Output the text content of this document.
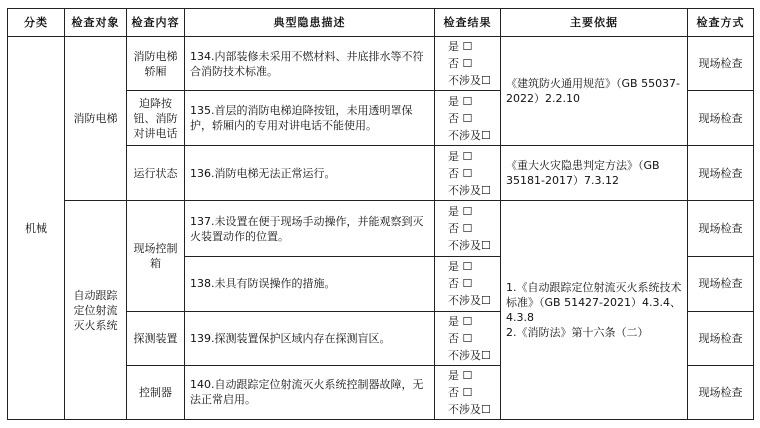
分类	检查对象	检查内容	典型隐患描述	检查结果	主要依据	检查方式
机械	消防电梯	消防电梯轿厢	134.内部装修未采用不燃材料、井底排水等不符合消防技术标准。	是 ☐
否 ☐
不涉及☐	《建筑防火通用规范》（GB 55037-2022）2.2.10	现场检查
		迫降按钮、消防对讲电话	135.首层的消防电梯迫降按钮，未用透明罩保护，轿厢内的专用对讲电话不能使用。	是 ☐
否 ☐
不涉及☐		现场检查
		运行状态	136.消防电梯无法正常运行。	是 ☐
否 ☐
不涉及☐	《重大火灾隐患判定方法》（GB 35181-2017）7.3.12	现场检查
	自动跟踪定位射流灭火系统	现场控制箱	137.未设置在便于现场手动操作，并能观察到灭火装置动作的位置。	是 ☐
否 ☐
不涉及☐	1.《自动跟踪定位射流灭火系统技术标准》（GB 51427-2021）4.3.4、4.3.8
2.《消防法》第十六条（二）	现场检查
			138.未具有防误操作的措施。	是 ☐
否 ☐
不涉及☐		现场检查
		探测装置	139.探测装置保护区域内存在探测盲区。	是 ☐
否 ☐
不涉及☐		现场检查
		控制器	140.自动跟踪定位射流灭火系统控制器故障，无法正常启用。	是 ☐
否 ☐
不涉及☐		现场检查
